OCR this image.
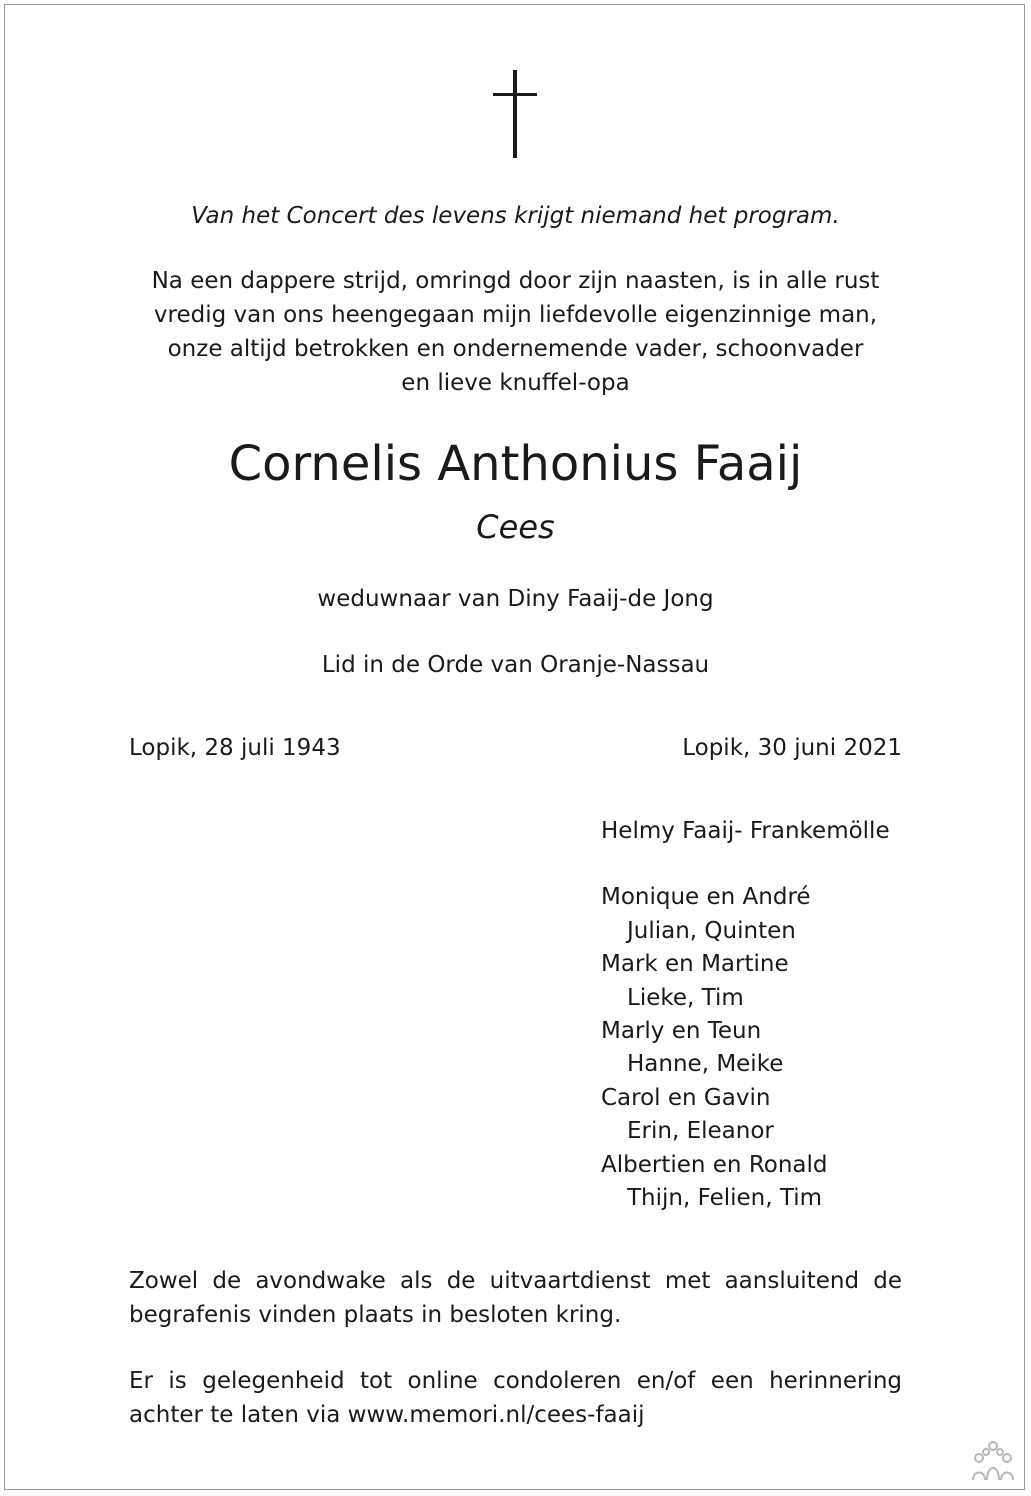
Van het Concert des levens krijgt niemand het program.
Na een dappere strijd, omringd door zijn naasten, is in alle rust
vredig van ons heengegaan mijn liefdevolle eigenzinnige man,
onze altijd betrokken en ondernemende vader, schoonvader
en lieve knuffel-opa
Cornelis Anthonius Faaij
Cees
weduwnaar van Diny Faaij-de Jong
Lid in de Orde van Oranje-Nassau
Lopik, 28 juli 1943	Lopik, 30 juni 2021
Helmy Faaij- Frankemölle
Monique en André
Julian, Quinten
Mark en Martine
Lieke, Tim
Marly en Teun
Hanne, Meike
Carol en Gavin
Erin, Eleanor
Albertien en Ronald
Thijn, Felien, Tim
Zowel de avondwake als de uitvaartdienst met aansluitend de
begrafenis vinden plaats in besloten kring.
Er is gelegenheid tot online condoleren en/of een herinnering
achter te laten via www.memori.nl/cees-faaij
